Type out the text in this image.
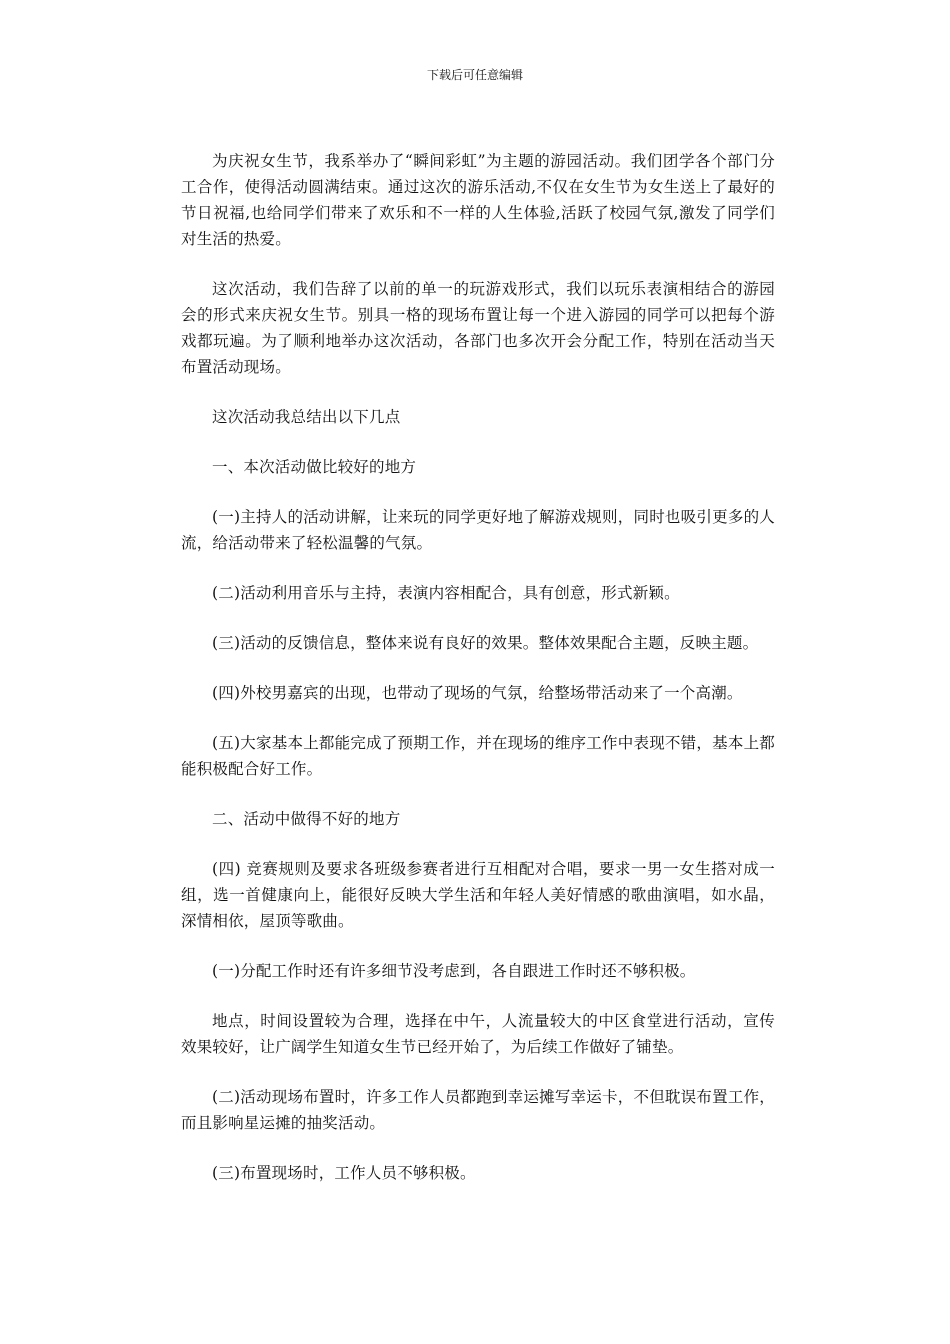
下载后可任意编辑

为庆祝女生节，我系举办了“瞬间彩虹”为主题的游园活动。我们团学各个部门分工合作，使得活动圆满结束。通过这次的游乐活动,不仅在女生节为女生送上了最好的节日祝福,也给同学们带来了欢乐和不一样的人生体验,活跃了校园气氛,激发了同学们对生活的热爱。

这次活动，我们告辞了以前的单一的玩游戏形式，我们以玩乐表演相结合的游园会的形式来庆祝女生节。别具一格的现场布置让每一个进入游园的同学可以把每个游戏都玩遍。为了顺利地举办这次活动，各部门也多次开会分配工作，特别在活动当天布置活动现场。

这次活动我总结出以下几点

一、本次活动做比较好的地方

(一)主持人的活动讲解，让来玩的同学更好地了解游戏规则，同时也吸引更多的人流，给活动带来了轻松温馨的气氛。

(二)活动利用音乐与主持，表演内容相配合，具有创意，形式新颖。

(三)活动的反馈信息，整体来说有良好的效果。整体效果配合主题，反映主题。

(四)外校男嘉宾的出现，也带动了现场的气氛，给整场带活动来了一个高潮。

(五)大家基本上都能完成了预期工作，并在现场的维序工作中表现不错，基本上都能积极配合好工作。

二、活动中做得不好的地方

(四) 竞赛规则及要求各班级参赛者进行互相配对合唱，要求一男一女生搭对成一组，选一首健康向上，能很好反映大学生活和年轻人美好情感的歌曲演唱，如水晶，深情相依，屋顶等歌曲。

(一)分配工作时还有许多细节没考虑到，各自跟进工作时还不够积极。

地点，时间设置较为合理，选择在中午，人流量较大的中区食堂进行活动，宣传效果较好，让广阔学生知道女生节已经开始了，为后续工作做好了铺垫。

(二)活动现场布置时，许多工作人员都跑到幸运摊写幸运卡，不但耽误布置工作，而且影响星运摊的抽奖活动。

(三)布置现场时，工作人员不够积极。
